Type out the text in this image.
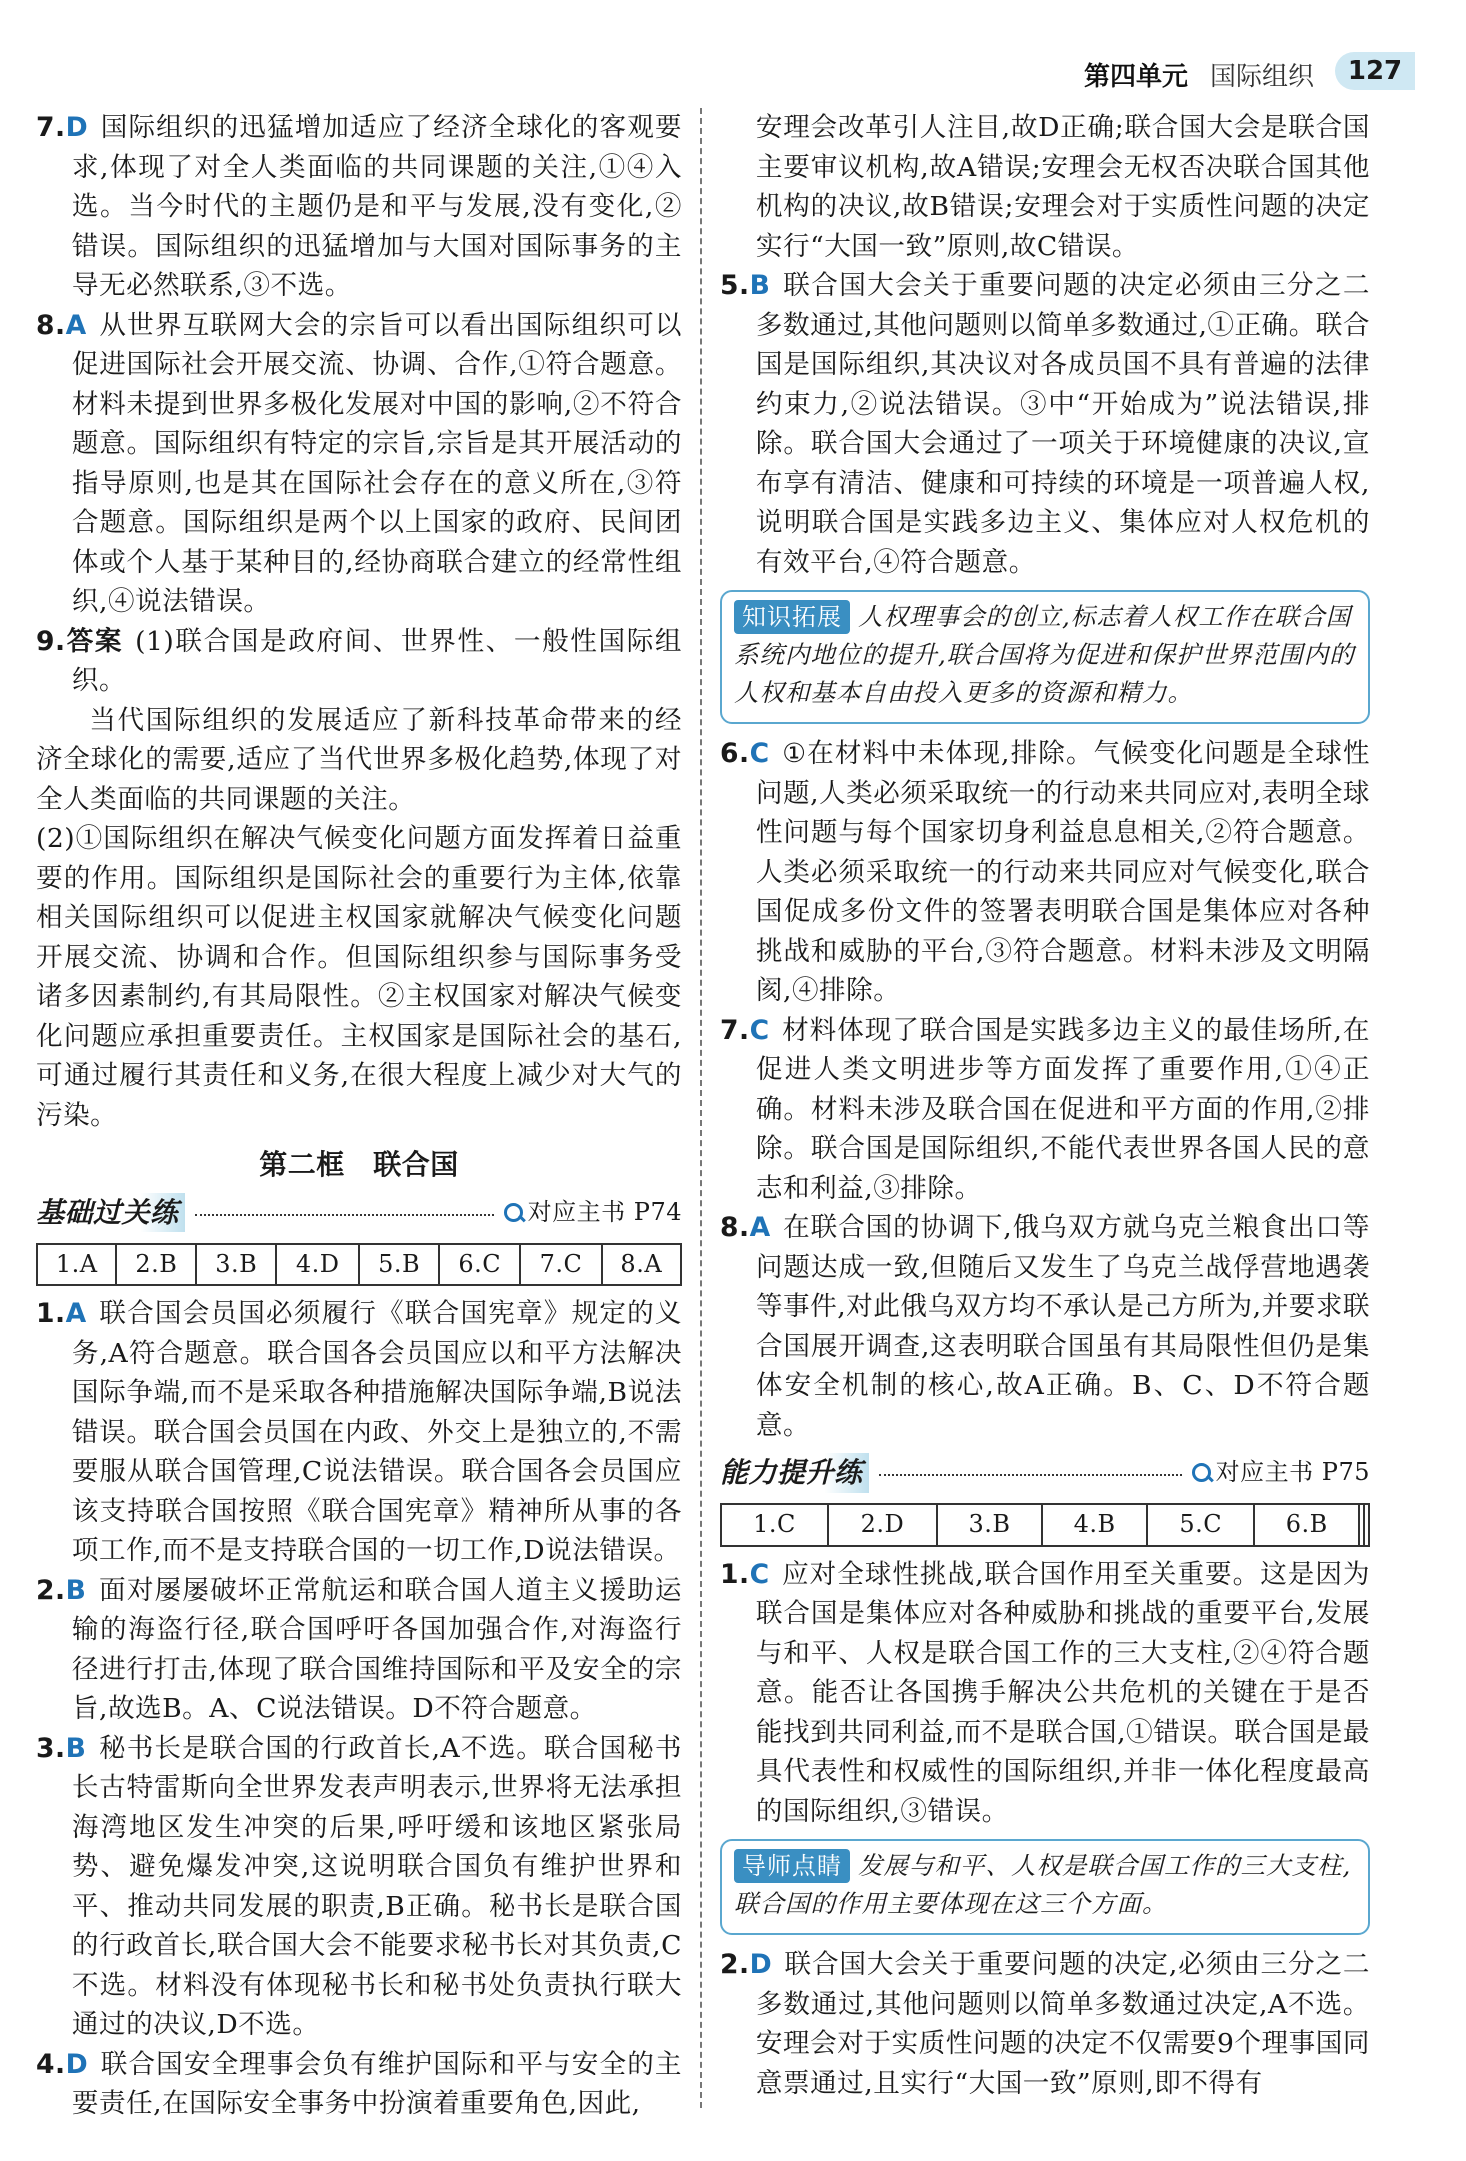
第四单元 国际组织	127

7.D 国际组织的迅猛增加适应了经济全球化的客观要求,体现了对全人类面临的共同课题的关注,①④入选。当今时代的主题仍是和平与发展,没有变化,②错误。国际组织的迅猛增加与大国对国际事务的主导无必然联系,③不选。

8.A 从世界互联网大会的宗旨可以看出国际组织可以促进国际社会开展交流、协调、合作,①符合题意。材料未提到世界多极化发展对中国的影响,②不符合题意。国际组织有特定的宗旨,宗旨是其开展活动的指导原则,也是其在国际社会存在的意义所在,③符合题意。国际组织是两个以上国家的政府、民间团体或个人基于某种目的,经协商联合建立的经常性组织,④说法错误。

9.答案 (1)联合国是政府间、世界性、一般性国际组织。

当代国际组织的发展适应了新科技革命带来的经济全球化的需要,适应了当代世界多极化趋势,体现了对全人类面临的共同课题的关注。

(2)①国际组织在解决气候变化问题方面发挥着日益重要的作用。国际组织是国际社会的重要行为主体,依靠相关国际组织可以促进主权国家就解决气候变化问题开展交流、协调和合作。但国际组织参与国际事务受诸多因素制约,有其局限性。②主权国家对解决气候变化问题应承担重要责任。主权国家是国际社会的基石,可通过履行其责任和义务,在很大程度上减少对大气的污染。

第二框　联合国
基础过关练	对应主书 P74
1.A	2.B	3.B	4.D	5.B	6.C	7.C	8.A

1.A 联合国会员国必须履行《联合国宪章》规定的义务,A符合题意。联合国各会员国应以和平方法解决国际争端,而不是采取各种措施解决国际争端,B说法错误。联合国会员国在内政、外交上是独立的,不需要服从联合国管理,C说法错误。联合国各会员国应该支持联合国按照《联合国宪章》精神所从事的各项工作,而不是支持联合国的一切工作,D说法错误。

2.B 面对屡屡破坏正常航运和联合国人道主义援助运输的海盗行径,联合国呼吁各国加强合作,对海盗行径进行打击,体现了联合国维持国际和平及安全的宗旨,故选B。A、C说法错误。D不符合题意。

3.B 秘书长是联合国的行政首长,A不选。联合国秘书长古特雷斯向全世界发表声明表示,世界将无法承担海湾地区发生冲突的后果,呼吁缓和该地区紧张局势、避免爆发冲突,这说明联合国负有维护世界和平、推动共同发展的职责,B正确。秘书长是联合国的行政首长,联合国大会不能要求秘书长对其负责,C不选。材料没有体现秘书长和秘书处负责执行联大通过的决议,D不选。

4.D 联合国安全理事会负有维护国际和平与安全的主要责任,在国际安全事务中扮演着重要角色,因此,

安理会改革引人注目,故D正确;联合国大会是联合国主要审议机构,故A错误;安理会无权否决联合国其他机构的决议,故B错误;安理会对于实质性问题的决定实行“大国一致”原则,故C错误。

5.B 联合国大会关于重要问题的决定必须由三分之二多数通过,其他问题则以简单多数通过,①正确。联合国是国际组织,其决议对各成员国不具有普遍的法律约束力,②说法错误。③中“开始成为”说法错误,排除。联合国大会通过了一项关于环境健康的决议,宣布享有清洁、健康和可持续的环境是一项普遍人权,说明联合国是实践多边主义、集体应对人权危机的有效平台,④符合题意。

知识拓展 人权理事会的创立,标志着人权工作在联合国系统内地位的提升,联合国将为促进和保护世界范围内的人权和基本自由投入更多的资源和精力。

6.C ①在材料中未体现,排除。气候变化问题是全球性问题,人类必须采取统一的行动来共同应对,表明全球性问题与每个国家切身利益息息相关,②符合题意。人类必须采取统一的行动来共同应对气候变化,联合国促成多份文件的签署表明联合国是集体应对各种挑战和威胁的平台,③符合题意。材料未涉及文明隔阂,④排除。

7.C 材料体现了联合国是实践多边主义的最佳场所,在促进人类文明进步等方面发挥了重要作用,①④正确。材料未涉及联合国在促进和平方面的作用,②排除。联合国是国际组织,不能代表世界各国人民的意志和利益,③排除。

8.A 在联合国的协调下,俄乌双方就乌克兰粮食出口等问题达成一致,但随后又发生了乌克兰战俘营地遇袭等事件,对此俄乌双方均不承认是己方所为,并要求联合国展开调查,这表明联合国虽有其局限性但仍是集体安全机制的核心,故A正确。B、C、D不符合题意。

能力提升练	对应主书 P75
1.C	2.D	3.B	4.B	5.C	6.B		

1.C 应对全球性挑战,联合国作用至关重要。这是因为联合国是集体应对各种威胁和挑战的重要平台,发展与和平、人权是联合国工作的三大支柱,②④符合题意。能否让各国携手解决公共危机的关键在于是否能找到共同利益,而不是联合国,①错误。联合国是最具代表性和权威性的国际组织,并非一体化程度最高的国际组织,③错误。

导师点睛 发展与和平、人权是联合国工作的三大支柱,联合国的作用主要体现在这三个方面。

2.D 联合国大会关于重要问题的决定,必须由三分之二多数通过,其他问题则以简单多数通过决定,A不选。安理会对于实质性问题的决定不仅需要9个理事国同意票通过,且实行“大国一致”原则,即不得有
